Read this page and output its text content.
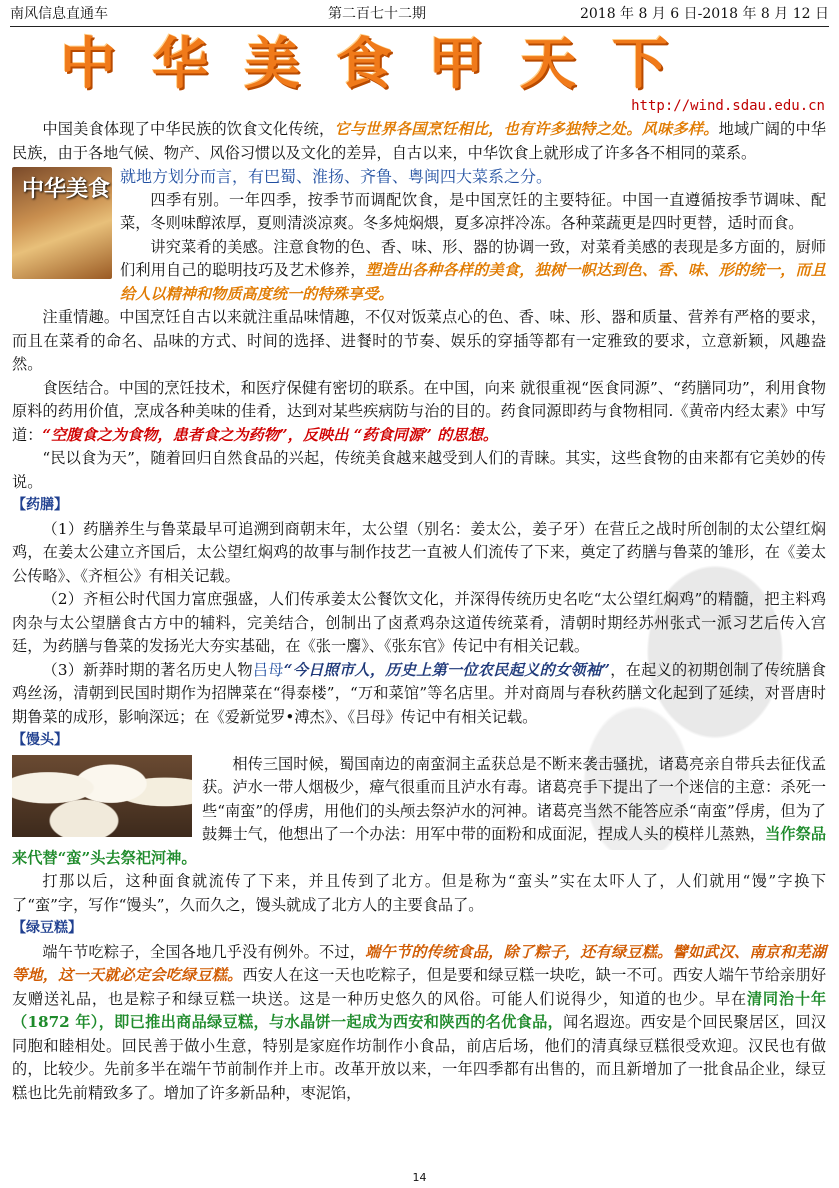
南风信息直通车	第二百七十二期	2018 年 8 月 6 日-2018 年 8 月 12 日
中华美食甲天下
http://wind.sdau.edu.cn

中国美食体现了中华民族的饮食文化传统，它与世界各国烹饪相比，也有许多独特之处。风味多样。地域广阔的中华民族，由于各地气候、物产、风俗习惯以及文化的差异，自古以来，中华饮食上就形成了许多各不相同的菜系。

中华美食 就地方划分而言，有巴蜀、淮扬、齐鲁、粤闽四大菜系之分。

四季有别。一年四季，按季节而调配饮食，是中国烹饪的主要特征。中国一直遵循按季节调味、配菜，冬则味醇浓厚，夏则清淡凉爽。冬多炖焖煨，夏多凉拌冷冻。各种菜蔬更是四时更替，适时而食。

讲究菜肴的美感。注意食物的色、香、味、形、器的协调一致，对菜肴美感的表现是多方面的，厨师们利用自己的聪明技巧及艺术修养，塑造出各种各样的美食，独树一帜达到色、香、味、形的统一，而且给人以精神和物质高度统一的特殊享受。

注重情趣。中国烹饪自古以来就注重品味情趣，不仅对饭菜点心的色、香、味、形、器和质量、营养有严格的要求，而且在菜肴的命名、品味的方式、时间的选择、进餐时的节奏、娱乐的穿插等都有一定雅致的要求，立意新颖，风趣盎然。

食医结合。中国的烹饪技术，和医疗保健有密切的联系。在中国，向来 就很重视“医食同源”、“药膳同功”，利用食物原料的药用价值，烹成各种美味的佳肴，达到对某些疾病防与治的目的。药食同源即药与食物相同.《黄帝内经太素》中写道：“空腹食之为食物，患者食之为药物”，反映出 “药食同源” 的思想。

“民以食为天”，随着回归自然食品的兴起，传统美食越来越受到人们的青睐。其实，这些食物的由来都有它美妙的传说。

【药膳】

（1）药膳养生与鲁菜最早可追溯到商朝末年，太公望（别名：姜太公，姜子牙）在营丘之战时所创制的太公望红焖鸡，在姜太公建立齐国后，太公望红焖鸡的故事与制作技艺一直被人们流传了下来，奠定了药膳与鲁菜的雏形，在《姜太公传略》、《齐桓公》有相关记载。

（2）齐桓公时代国力富庶强盛，人们传承姜太公餐饮文化，并深得传统历史名吃“太公望红焖鸡”的精髓，把主料鸡肉杂与太公望膳食古方中的辅料，完美结合，创制出了卤煮鸡杂这道传统菜肴，清朝时期经苏州张式一派习艺后传入宫廷，为药膳与鲁菜的发扬光大夯实基础，在《张一麐》、《张东官》传记中有相关记载。

（3）新莽时期的著名历史人物吕母“今日照市人，历史上第一位农民起义的女领袖”，在起义的初期创制了传统膳食鸡丝汤，清朝到民国时期作为招牌菜在“得泰楼”，“万和菜馆”等名店里。并对商周与春秋药膳文化起到了延续，对晋唐时期鲁菜的成形，影响深远；在《爱新觉罗•溥杰》、《吕母》传记中有相关记载。

【馒头】

相传三国时候，蜀国南边的南蛮洞主孟获总是不断来袭击骚扰，诸葛亮亲自带兵去征伐孟获。泸水一带人烟极少，瘴气很重而且泸水有毒。诸葛亮手下提出了一个迷信的主意：杀死一些“南蛮”的俘虏，用他们的头颅去祭泸水的河神。诸葛亮当然不能答应杀“南蛮”俘虏，但为了鼓舞士气，他想出了一个办法：用军中带的面粉和成面泥，捏成人头的模样儿蒸熟，当作祭品来代替“蛮”头去祭祀河神。

打那以后，这种面食就流传了下来，并且传到了北方。但是称为“蛮头”实在太吓人了，人们就用“馒”字换下了“蛮”字，写作“馒头”，久而久之，馒头就成了北方人的主要食品了。

【绿豆糕】

端午节吃粽子，全国各地几乎没有例外。不过，端午节的传统食品，除了粽子，还有绿豆糕。譬如武汉、南京和芜湖等地，这一天就必定会吃绿豆糕。西安人在这一天也吃粽子，但是要和绿豆糕一块吃，缺一不可。西安人端午节给亲朋好友赠送礼品，也是粽子和绿豆糕一块送。这是一种历史悠久的风俗。可能人们说得少，知道的也少。早在清同治十年（1872 年），即已推出商品绿豆糕，与水晶饼一起成为西安和陕西的名优食品，闻名遐迩。西安是个回民聚居区，回汉同胞和睦相处。回民善于做小生意，特别是家庭作坊制作小食品，前店后场，他们的清真绿豆糕很受欢迎。汉民也有做的，比较少。先前多半在端午节前制作并上市。改革开放以来，一年四季都有出售的，而且新增加了一批食品企业，绿豆糕也比先前精致多了。增加了许多新品种，枣泥馅，

14
